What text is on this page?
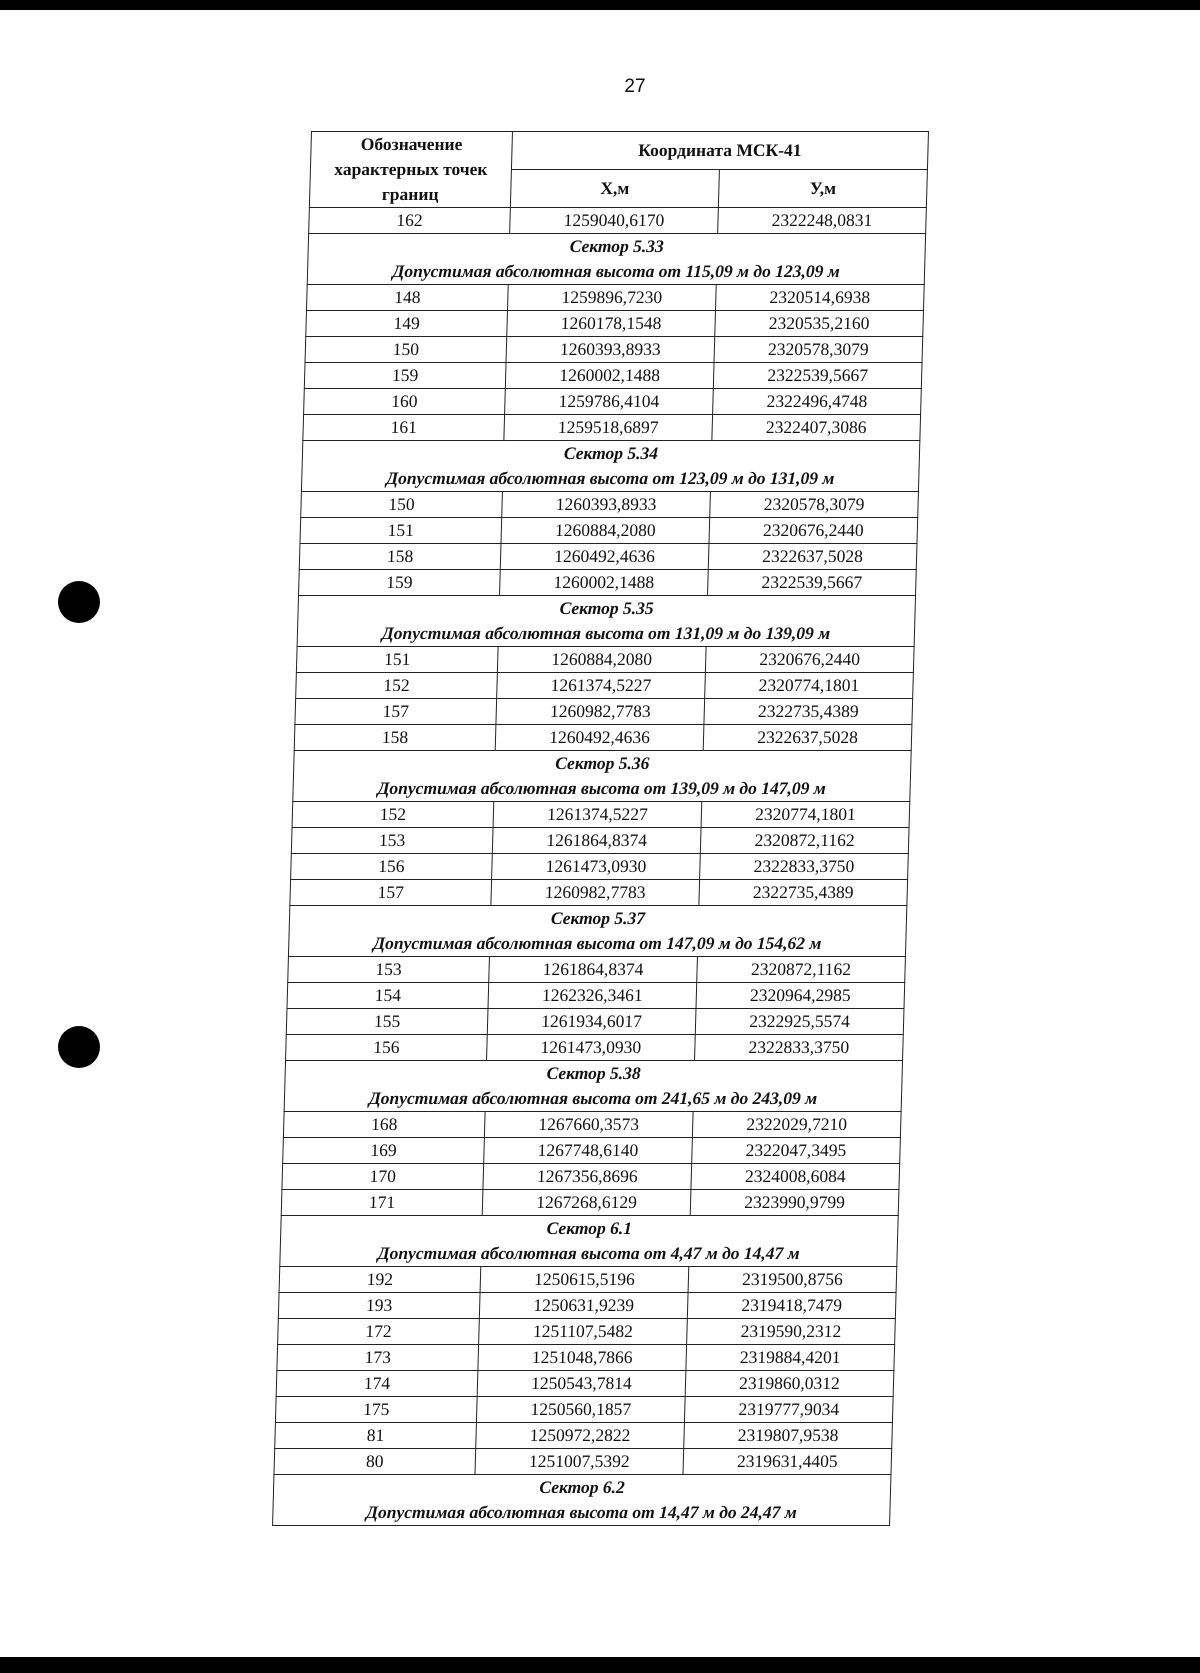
27
Обозначение характерных точек границ	Координата МСК-41	
	Х,м	У,м
162	1259040,6170	2322248,0831

Сектор 5.33
Допустимая абсолютная высота от 115,09 м до 123,09 м		

148	1259896,7230	2320514,6938
149	1260178,1548	2320535,2160
150	1260393,8933	2320578,3079
159	1260002,1488	2322539,5667
160	1259786,4104	2322496,4748
161	1259518,6897	2322407,3086

Сектор 5.34
Допустимая абсолютная высота от 123,09 м до 131,09 м		

150	1260393,8933	2320578,3079
151	1260884,2080	2320676,2440
158	1260492,4636	2322637,5028
159	1260002,1488	2322539,5667

Сектор 5.35
Допустимая абсолютная высота от 131,09 м до 139,09 м		

151	1260884,2080	2320676,2440
152	1261374,5227	2320774,1801
157	1260982,7783	2322735,4389
158	1260492,4636	2322637,5028

Сектор 5.36
Допустимая абсолютная высота от 139,09 м до 147,09 м		

152	1261374,5227	2320774,1801
153	1261864,8374	2320872,1162
156	1261473,0930	2322833,3750
157	1260982,7783	2322735,4389

Сектор 5.37
Допустимая абсолютная высота от 147,09 м до 154,62 м		

153	1261864,8374	2320872,1162
154	1262326,3461	2320964,2985
155	1261934,6017	2322925,5574
156	1261473,0930	2322833,3750

Сектор 5.38
Допустимая абсолютная высота от 241,65 м до 243,09 м		

168	1267660,3573	2322029,7210
169	1267748,6140	2322047,3495
170	1267356,8696	2324008,6084
171	1267268,6129	2323990,9799

Сектор 6.1
Допустимая абсолютная высота от 4,47 м до 14,47 м		

192	1250615,5196	2319500,8756
193	1250631,9239	2319418,7479
172	1251107,5482	2319590,2312
173	1251048,7866	2319884,4201
174	1250543,7814	2319860,0312
175	1250560,1857	2319777,9034
81	1250972,2822	2319807,9538
80	1251007,5392	2319631,4405

Сектор 6.2
Допустимая абсолютная высота от 14,47 м до 24,47 м		
